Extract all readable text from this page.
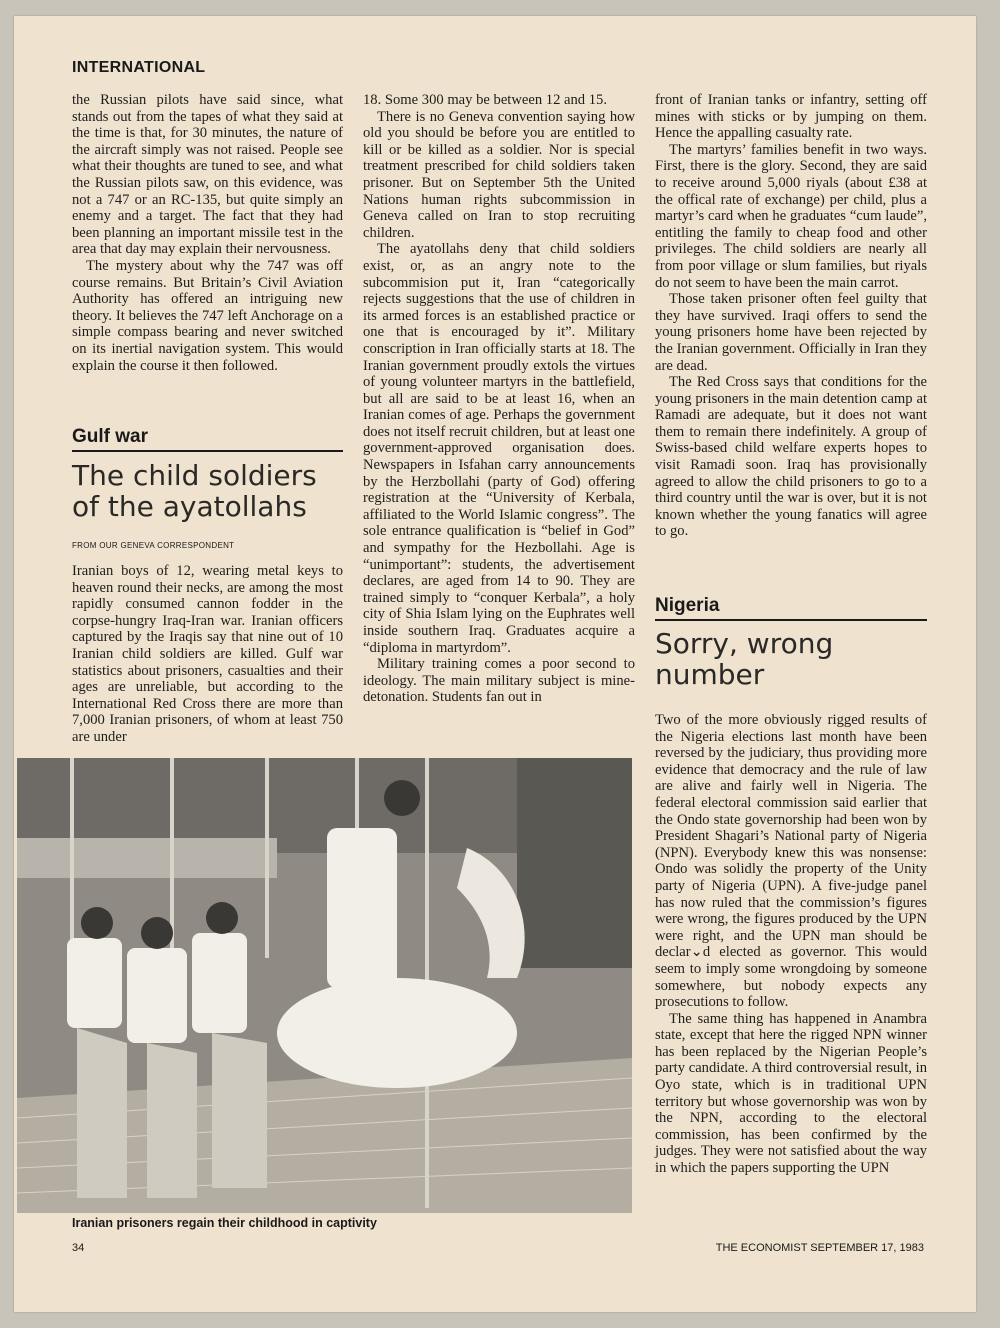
INTERNATIONAL

the Russian pilots have said since, what stands out from the tapes of what they said at the time is that, for 30 minutes, the nature of the aircraft simply was not raised. People see what their thoughts are tuned to see, and what the Russian pilots saw, on this evidence, was not a 747 or an RC-135, but quite simply an enemy and a target. The fact that they had been planning an important missile test in the area that day may explain their nervousness.

The mystery about why the 747 was off course remains. But Britain’s Civil Aviation Authority has offered an intriguing new theory. It believes the 747 left Anchorage on a simple compass bearing and never switched on its inertial navigation system. This would explain the course it then followed.

Gulf war
The child soldiers of the ayatollahs
FROM OUR GENEVA CORRESPONDENT

Iranian boys of 12, wearing metal keys to heaven round their necks, are among the most rapidly consumed cannon fodder in the corpse-hungry Iraq-Iran war. Iranian officers captured by the Iraqis say that nine out of 10 Iranian child soldiers are killed. Gulf war statistics about prisoners, casualties and their ages are unreliable, but according to the International Red Cross there are more than 7,000 Iranian prisoners, of whom at least 750 are under

18. Some 300 may be between 12 and 15.

There is no Geneva convention saying how old you should be before you are entitled to kill or be killed as a soldier. Nor is special treatment prescribed for child soldiers taken prisoner. But on September 5th the United Nations human rights subcommission in Geneva called on Iran to stop recruiting children.

The ayatollahs deny that child soldiers exist, or, as an angry note to the subcommision put it, Iran “categorically rejects suggestions that the use of children in its armed forces is an established practice or one that is encouraged by it”. Military conscription in Iran officially starts at 18. The Iranian government proudly extols the virtues of young volunteer martyrs in the battlefield, but all are said to be at least 16, when an Iranian comes of age. Perhaps the government does not itself recruit children, but at least one government-approved organisation does. Newspapers in Isfahan carry announcements by the Herzbollahi (party of God) offering registration at the “University of Kerbala, affiliated to the World Islamic congress”. The sole entrance qualification is “belief in God” and sympathy for the Hezbollahi. Age is “unimportant”: students, the advertisement declares, are aged from 14 to 90. They are trained simply to “conquer Kerbala”, a holy city of Shia Islam lying on the Euphrates well inside southern Iraq. Graduates acquire a “diploma in martyrdom”.

Military training comes a poor second to ideology. The main military subject is mine-detonation. Students fan out in

front of Iranian tanks or infantry, setting off mines with sticks or by jumping on them. Hence the appalling casualty rate.

The martyrs’ families benefit in two ways. First, there is the glory. Second, they are said to receive around 5,000 riyals (about £38 at the offical rate of exchange) per child, plus a martyr’s card when he graduates “cum laude”, entitling the family to cheap food and other privileges. The child soldiers are nearly all from poor village or slum families, but riyals do not seem to have been the main carrot.

Those taken prisoner often feel guilty that they have survived. Iraqi offers to send the young prisoners home have been rejected by the Iranian government. Officially in Iran they are dead.

The Red Cross says that conditions for the young prisoners in the main detention camp at Ramadi are adequate, but it does not want them to remain there indefinitely. A group of Swiss-based child welfare experts hopes to visit Ramadi soon. Iraq has provisionally agreed to allow the child prisoners to go to a third country until the war is over, but it is not known whether the young fanatics will agree to go.

Nigeria
Sorry, wrong number

Two of the more obviously rigged results of the Nigeria elections last month have been reversed by the judiciary, thus providing more evidence that democracy and the rule of law are alive and fairly well in Nigeria. The federal electoral commission said earlier that the Ondo state governorship had been won by President Shagari’s National party of Nigeria (NPN). Everybody knew this was nonsense: Ondo was solidly the property of the Unity party of Nigeria (UPN). A five-judge panel has now ruled that the commission’s figures were wrong, the figures produced by the UPN were right, and the UPN man should be declar⌄d elected as governor. This would seem to imply some wrongdoing by someone somewhere, but nobody expects any prosecutions to follow.

The same thing has happened in Anambra state, except that here the rigged NPN winner has been replaced by the Nigerian People’s party candidate. A third controversial result, in Oyo state, which is in traditional UPN territory but whose governorship was won by the NPN, according to the electoral commission, has been confirmed by the judges. They were not satisfied about the way in which the papers supporting the UPN

Iranian prisoners regain their childhood in captivity
34	THE ECONOMIST SEPTEMBER 17, 1983
